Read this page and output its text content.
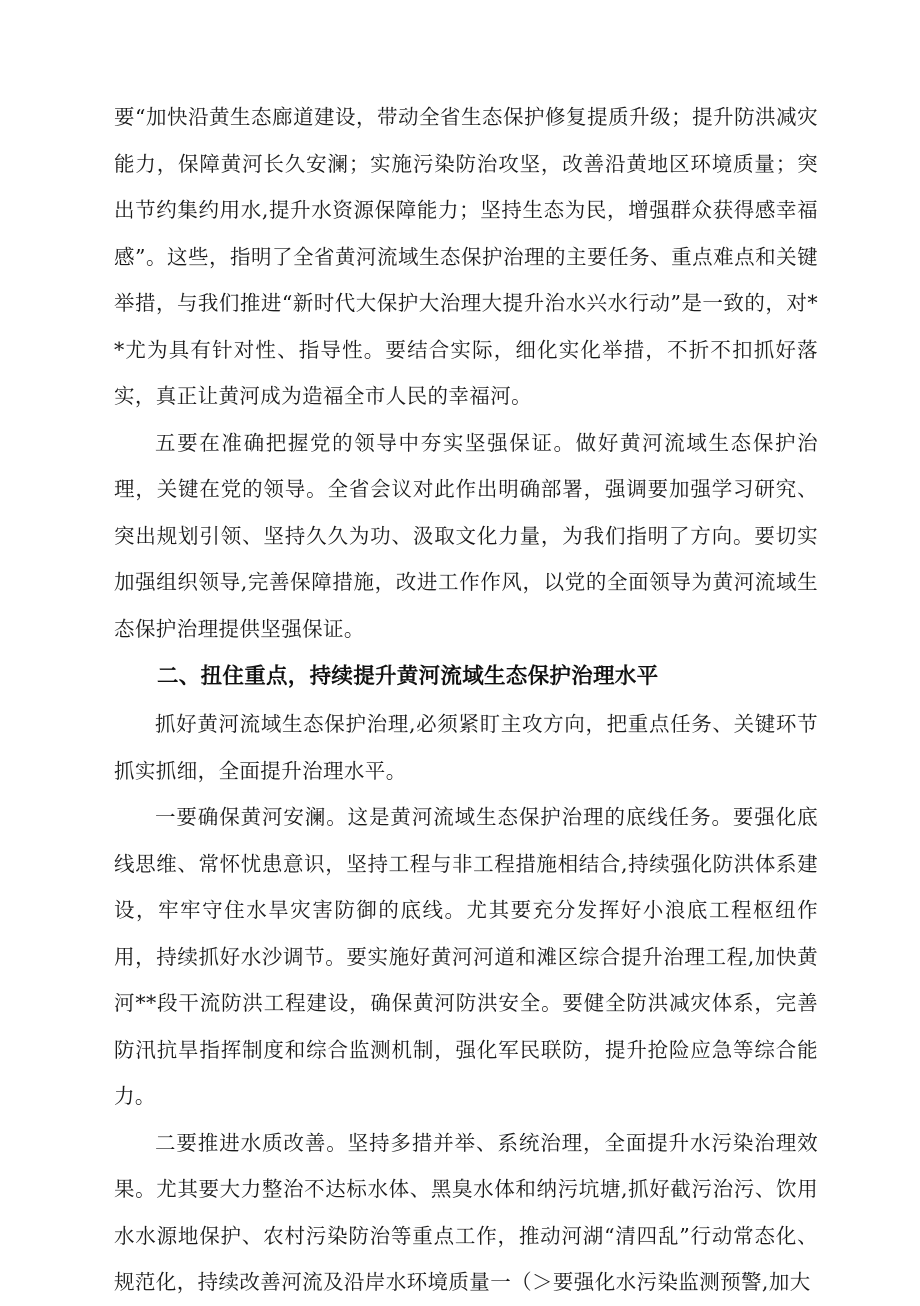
要“加快沿黄生态廊道建设，带动全省生态保护修复提质升级；提升防洪减灾能力，保障黄河长久安澜；实施污染防治攻坚，改善沿黄地区环境质量；突出节约集约用水,提升水资源保障能力；坚持生态为民，增强群众获得感幸福感”。这些，指明了全省黄河流域生态保护治理的主要任务、重点难点和关键举措，与我们推进“新时代大保护大治理大提升治水兴水行动”是一致的，对**尤为具有针对性、指导性。要结合实际，细化实化举措，不折不扣抓好落实，真正让黄河成为造福全市人民的幸福河。

五要在准确把握党的领导中夯实坚强保证。做好黄河流域生态保护治理，关键在党的领导。全省会议对此作出明确部署，强调要加强学习研究、突出规划引领、坚持久久为功、汲取文化力量，为我们指明了方向。要切实加强组织领导,完善保障措施，改进工作作风，以党的全面领导为黄河流域生态保护治理提供坚强保证。

二、扭住重点，持续提升黄河流域生态保护治理水平

抓好黄河流域生态保护治理,必须紧盯主攻方向，把重点任务、关键环节抓实抓细，全面提升治理水平。

一要确保黄河安澜。这是黄河流域生态保护治理的底线任务。要强化底线思维、常怀忧患意识，坚持工程与非工程措施相结合,持续强化防洪体系建设，牢牢守住水旱灾害防御的底线。尤其要充分发挥好小浪底工程枢纽作用，持续抓好水沙调节。要实施好黄河河道和滩区综合提升治理工程,加快黄河**段干流防洪工程建设，确保黄河防洪安全。要健全防洪减灾体系，完善防汛抗旱指挥制度和综合监测机制，强化军民联防，提升抢险应急等综合能力。

二要推进水质改善。坚持多措并举、系统治理，全面提升水污染治理效果。尤其要大力整治不达标水体、黑臭水体和纳污坑塘,抓好截污治污、饮用水水源地保护、农村污染防治等重点工作，推动河湖“清四乱”行动常态化、规范化，持续改善河流及沿岸水环境质量一（＞要强化水污染监测预警,加大
